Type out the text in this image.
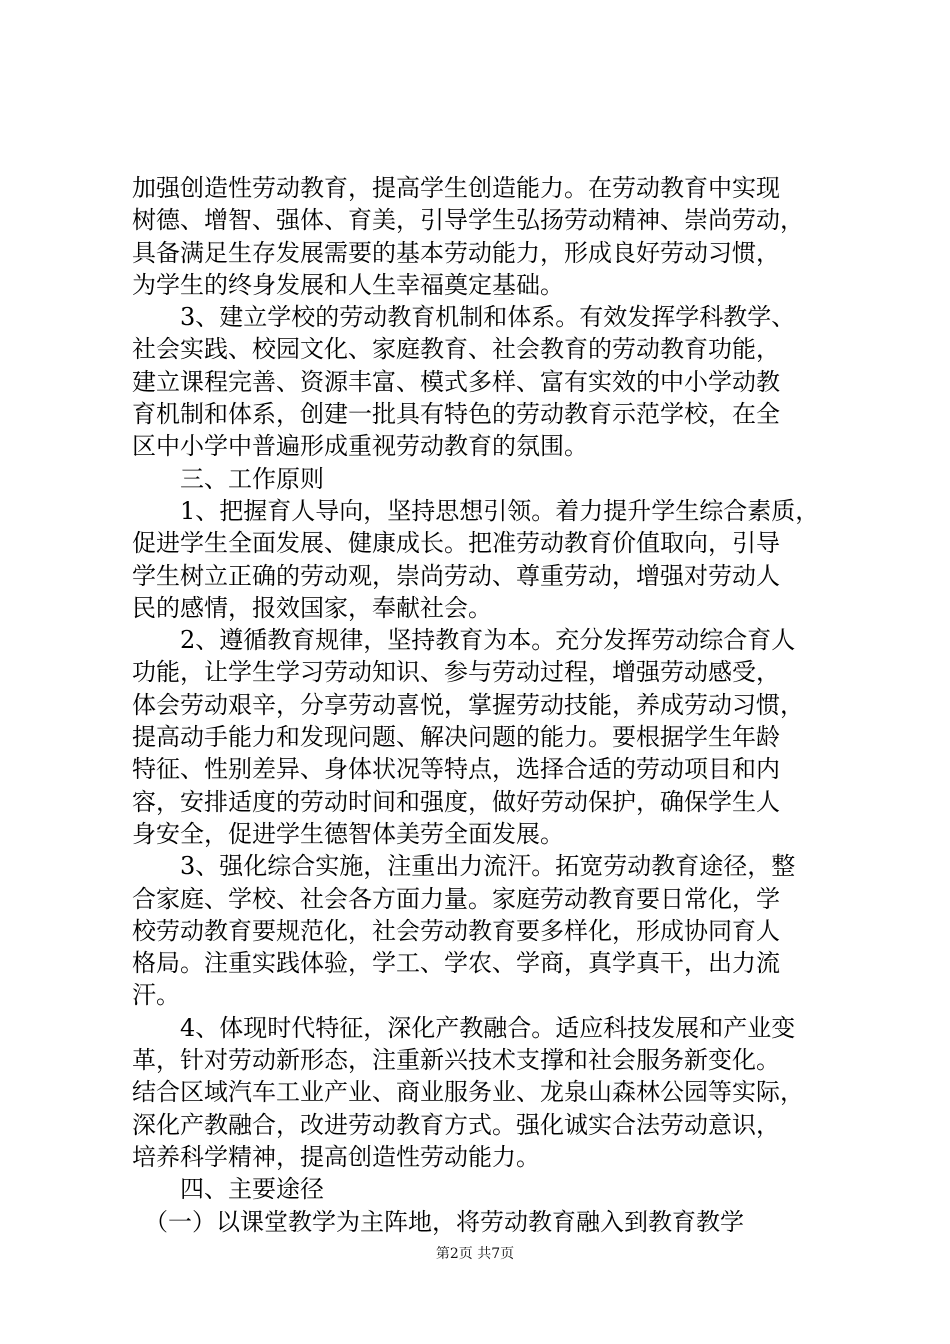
加强创造性劳动教育，提高学生创造能力。在劳动教育中实现
树德、增智、强体、育美，引导学生弘扬劳动精神、崇尚劳动，
具备满足生存发展需要的基本劳动能力，形成良好劳动习惯，
为学生的终身发展和人生幸福奠定基础。
　　3、建立学校的劳动教育机制和体系。有效发挥学科教学、
社会实践、校园文化、家庭教育、社会教育的劳动教育功能，
建立课程完善、资源丰富、模式多样、富有实效的中小学动教
育机制和体系，创建一批具有特色的劳动教育示范学校，在全
区中小学中普遍形成重视劳动教育的氛围。
　　三、工作原则
　　1、把握育人导向，坚持思想引领。着力提升学生综合素质，
促进学生全面发展、健康成长。把准劳动教育价值取向，引导
学生树立正确的劳动观，崇尚劳动、尊重劳动，增强对劳动人
民的感情，报效国家，奉献社会。
　　2、遵循教育规律，坚持教育为本。充分发挥劳动综合育人
功能，让学生学习劳动知识、参与劳动过程，增强劳动感受，
体会劳动艰辛，分享劳动喜悦，掌握劳动技能，养成劳动习惯，
提高动手能力和发现问题、解决问题的能力。要根据学生年龄
特征、性别差异、身体状况等特点，选择合适的劳动项目和内
容，安排适度的劳动时间和强度，做好劳动保护，确保学生人
身安全，促进学生德智体美劳全面发展。
　　3、强化综合实施，注重出力流汗。拓宽劳动教育途径，整
合家庭、学校、社会各方面力量。家庭劳动教育要日常化，学
校劳动教育要规范化，社会劳动教育要多样化，形成协同育人
格局。注重实践体验，学工、学农、学商，真学真干，出力流
汗。
　　4、体现时代特征，深化产教融合。适应科技发展和产业变
革，针对劳动新形态，注重新兴技术支撑和社会服务新变化。
结合区域汽车工业产业、商业服务业、龙泉山森林公园等实际，
深化产教融合，改进劳动教育方式。强化诚实合法劳动意识，
培养科学精神，提高创造性劳动能力。
　　四、主要途径
　（一）以课堂教学为主阵地，将劳动教育融入到教育教学
第2页 共7页
